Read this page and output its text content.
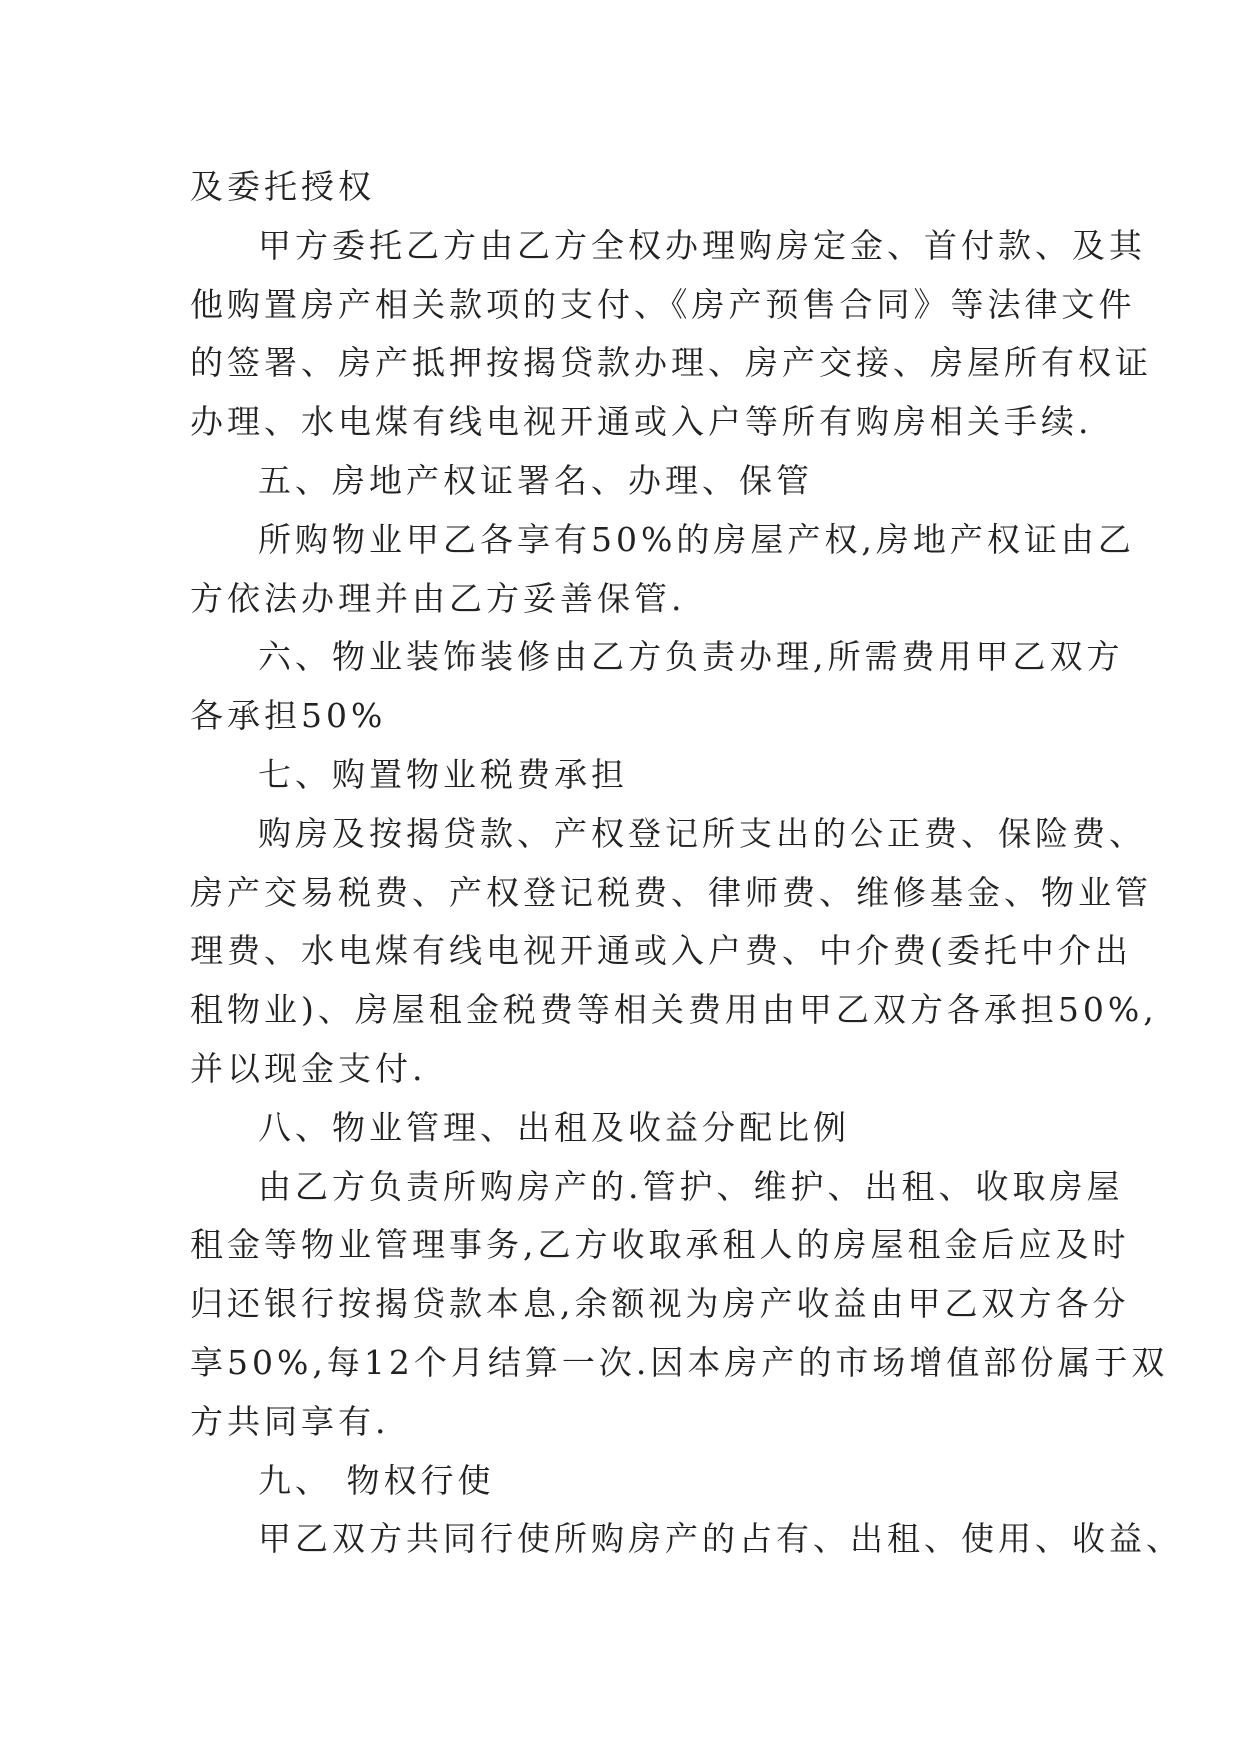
及委托授权
甲方委托乙方由乙方全权办理购房定金、首付款、及其
他购置房产相关款项的支付、《房产预售合同》等法律文件
的签署、房产抵押按揭贷款办理、房产交接、房屋所有权证
办理、水电煤有线电视开通或入户等所有购房相关手续.
五、房地产权证署名、办理、保管
所购物业甲乙各享有50%的房屋产权,房地产权证由乙
方依法办理并由乙方妥善保管.
六、物业装饰装修由乙方负责办理,所需费用甲乙双方
各承担50%
七、购置物业税费承担
购房及按揭贷款、产权登记所支出的公正费、保险费、
房产交易税费、产权登记税费、律师费、维修基金、物业管
理费、水电煤有线电视开通或入户费、中介费(委托中介出
租物业)、房屋租金税费等相关费用由甲乙双方各承担50%,
并以现金支付.
八、物业管理、出租及收益分配比例
由乙方负责所购房产的.管护、维护、出租、收取房屋
租金等物业管理事务,乙方收取承租人的房屋租金后应及时
归还银行按揭贷款本息,余额视为房产收益由甲乙双方各分
享50%,每12个月结算一次.因本房产的市场增值部份属于双
方共同享有.
九、 物权行使
甲乙双方共同行使所购房产的占有、出租、使用、收益、
